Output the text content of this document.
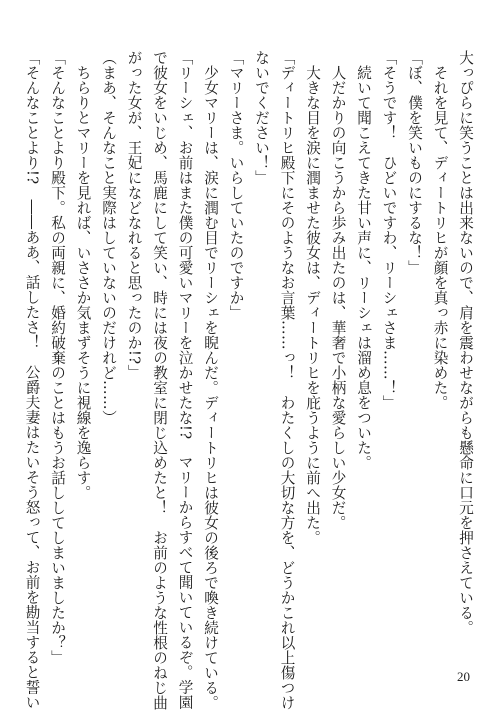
大っぴらに笑うことは出来ないので、肩を震わせながらも懸命に口元を押さえている。
　それを見て、ディートリヒが顔を真っ赤に染めた。
「ぼ、僕を笑いものにするな！」
「そうです！　ひどいですわ、リーシェさま……！」
　続いて聞こえてきた甘い声に、リーシェは溜め息をついた。
　人だかりの向こうから歩み出たのは、華奢で小柄な愛らしい少女だ。
　大きな目を涙に潤ませた彼女は、ディートリヒを庇うように前へ出た。
「ディートリヒ殿下にそのようなお言葉……っ！　わたくしの大切な方を、どうかこれ以上傷つけ
ないでください！」
「マリーさま。いらしていたのですか」
　少女マリーは、涙に潤む目でリーシェを睨んだ。ディートリヒは彼女の後ろで喚き続けている。
「リーシェ、お前はまた僕の可愛いマリーを泣かせたな!?　マリーからすべて聞いているぞ。学園
で彼女をいじめ、馬鹿にして笑い、時には夜の教室に閉じ込めたと！　お前のような性根のねじ曲
がった女が、王妃になどなれると思ったのか!?」
（まあ、そんなこと実際はしていないのだけれど……）
　ちらりとマリーを見れば、いささか気まずそうに視線を逸らす。
「そんなことより殿下。私の両親に、婚約破棄のことはもうお話ししてしまいましたか？」
「そんなことより!?　――ああ、話したさ！　公爵夫妻はたいそう怒って、お前を勘当すると誓い	20
